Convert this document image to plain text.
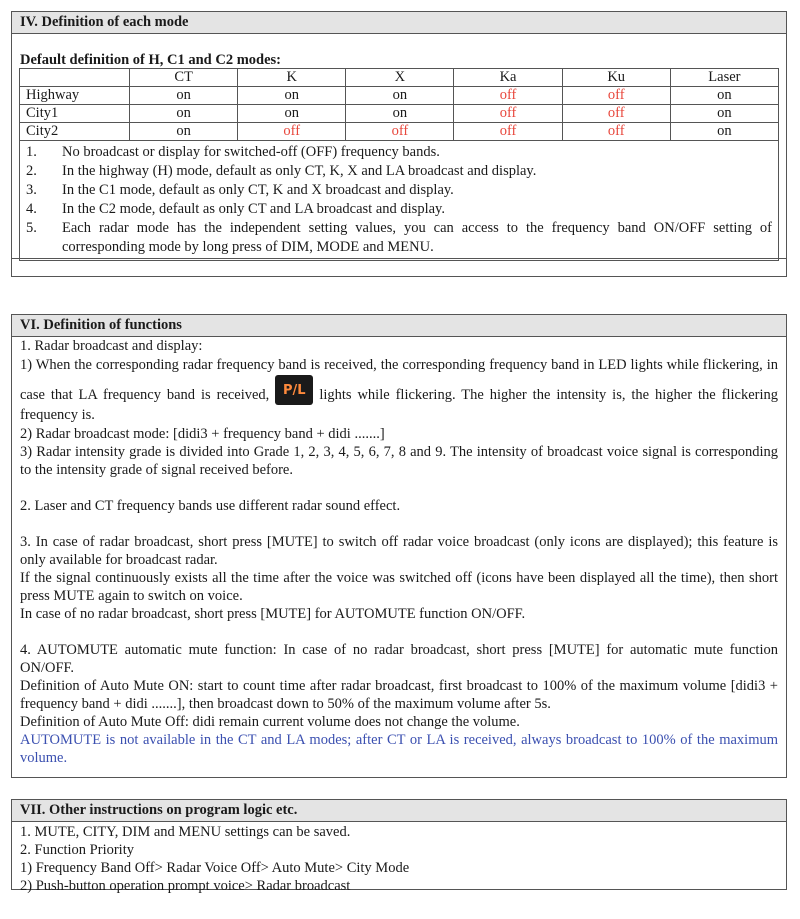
IV. Definition of each mode
Default definition of H, C1 and C2 modes:
	CT	K	X	Ka	Ku	Laser
Highway	on	on	on	off	off	on
City1	on	on	on	off	off	on
City2	on	off	off	off	off	on
1.	No broadcast or display for switched-off (OFF) frequency bands.
2.	In the highway (H) mode, default as only CT, K, X and LA broadcast and display.
3.	In the C1 mode, default as only CT, K and X broadcast and display.
4.	In the C2 mode, default as only CT and LA broadcast and display.
5.	Each radar mode has the independent setting values, you can access to the frequency band ON/OFF setting of corresponding mode by long press of DIM, MODE and MENU.
VI. Definition of functions

1. Radar broadcast and display:

1) When the corresponding radar frequency band is received, the corresponding frequency band in LED lights while flickering, in case that LA frequency band is received,	P/L lights while flickering. The higher the intensity is, the higher the flickering frequency is.

2) Radar broadcast mode: [didi3 + frequency band + didi .......]

3) Radar intensity grade is divided into Grade 1, 2, 3, 4, 5, 6, 7, 8 and 9. The intensity of broadcast voice signal is corresponding to the intensity grade of signal received before.

2. Laser and CT frequency bands use different radar sound effect.

3. In case of radar broadcast, short press [MUTE] to switch off radar voice broadcast (only icons are displayed); this feature is only available for broadcast radar.

If the signal continuously exists all the time after the voice was switched off (icons have been displayed all the time), then short press MUTE again to switch on voice.

In case of no radar broadcast, short press [MUTE] for AUTOMUTE function ON/OFF.

4. AUTOMUTE automatic mute function: In case of no radar broadcast, short press [MUTE] for automatic mute function ON/OFF.

Definition of Auto Mute ON: start to count time after radar broadcast, first broadcast to 100% of the maximum volume [didi3 + frequency band + didi .......], then broadcast down to 50% of the maximum volume after 5s.

Definition of Auto Mute Off: didi remain current volume does not change the volume.

AUTOMUTE is not available in the CT and LA modes; after CT or LA is received, always broadcast to 100% of the maximum volume.

VII. Other instructions on program logic etc.

1. MUTE, CITY, DIM and MENU settings can be saved.

2. Function Priority

1) Frequency Band Off> Radar Voice Off> Auto Mute> City Mode

2) Push-button operation prompt voice> Radar broadcast
